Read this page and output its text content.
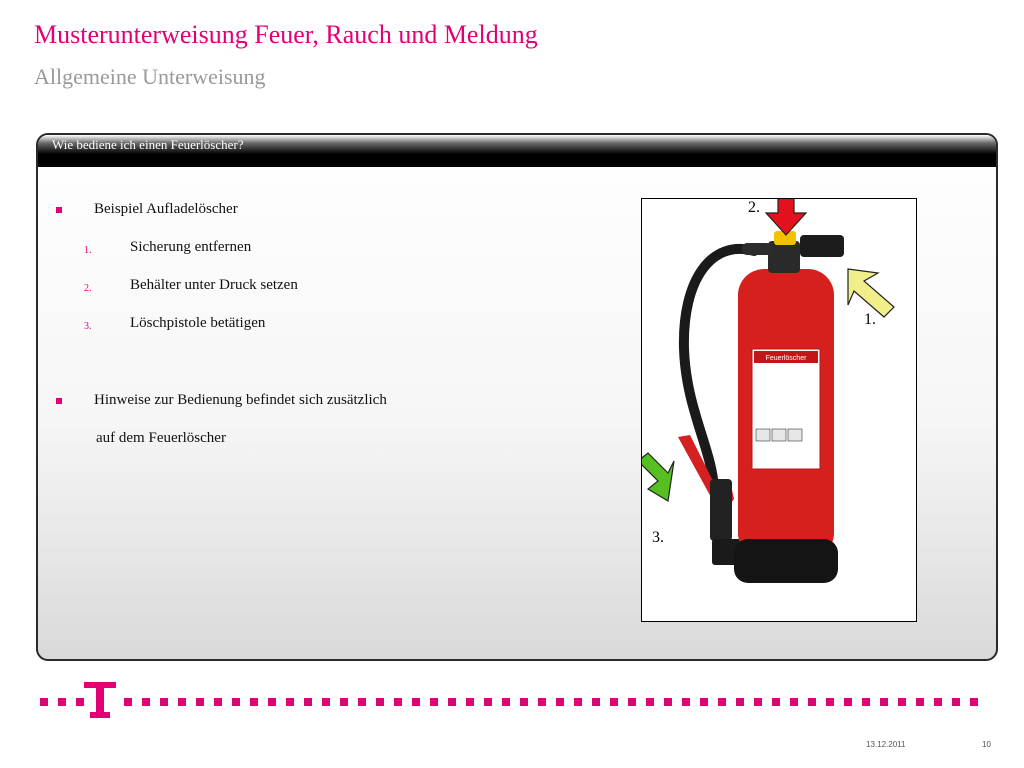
Musterunterweisung Feuer, Rauch und Meldung
Allgemeine Unterweisung
Wie bediene ich einen Feuerlöscher?
Beispiel Aufladelöscher
1.	Sicherung entfernen
2.	Behälter unter Druck setzen
3.	Löschpistole betätigen
Hinweise zur Bedienung befindet sich zusätzlich
auf dem Feuerlöscher
Feuerlöscher
2.
1.
3.
13.12.2011	10
